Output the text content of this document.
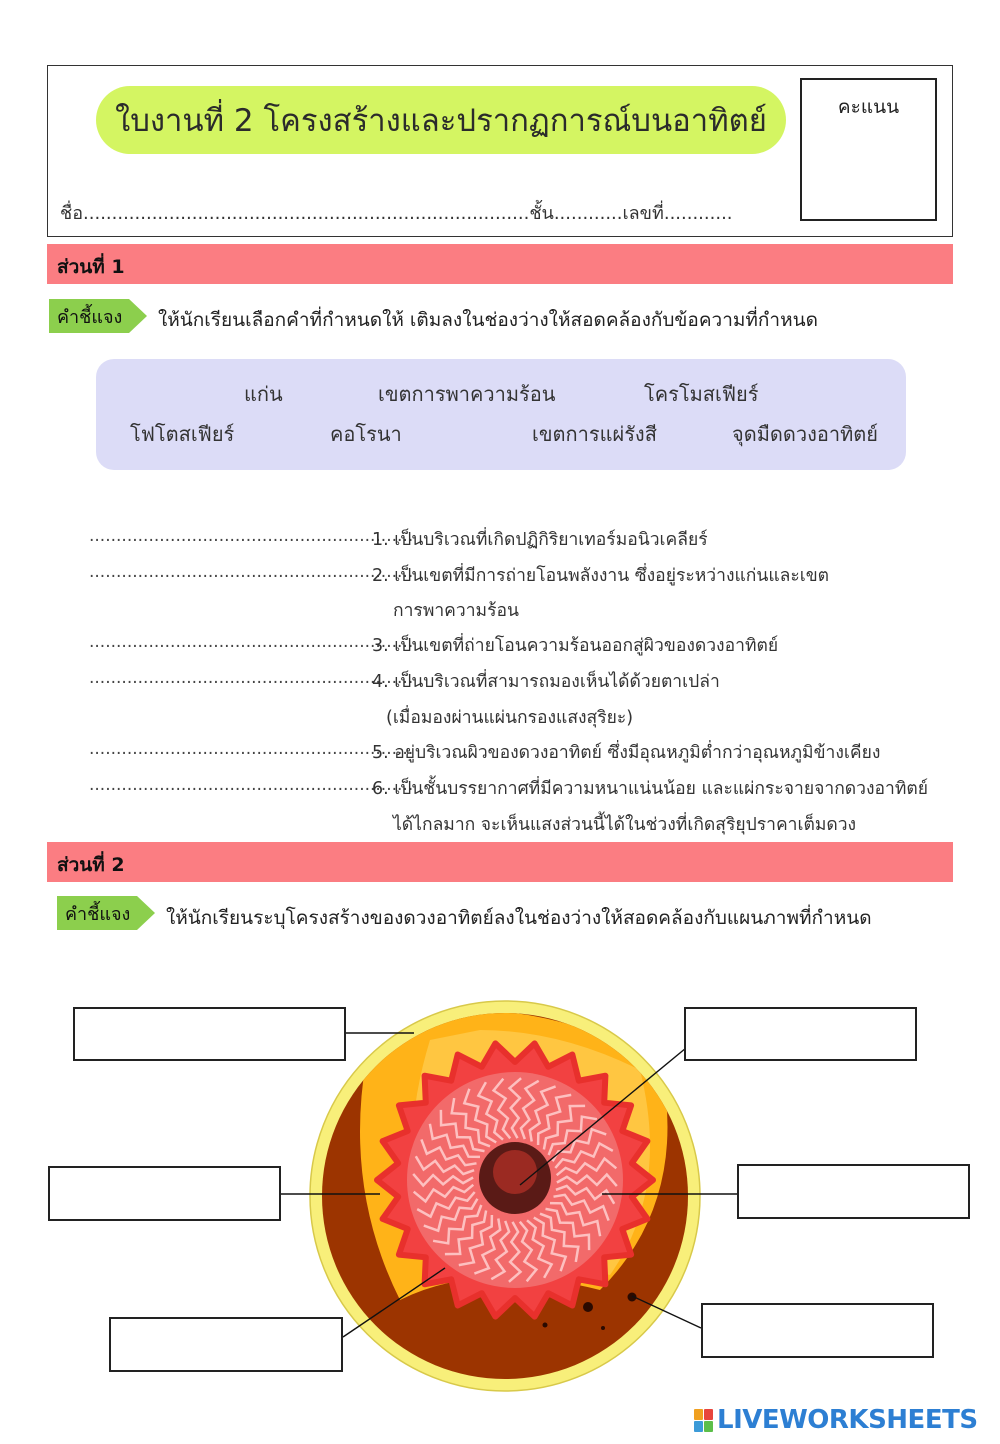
ใบงานที่ 2 โครงสร้างและปรากฏการณ์บนอาทิตย์	คะแนน
ชื่อ..............................................................................ชั้น............เลขที่............
ส่วนที่ 1
คำชี้แจง	ให้นักเรียนเลือกคำที่กำหนดให้ เติมลงในช่องว่างให้สอดคล้องกับข้อความที่กำหนด
แก่น	เขตการพาความร้อน	โครโมสเฟียร์
โฟโตสเฟียร์	คอโรนา	เขตการแผ่รังสี	จุดมืดดวงอาทิตย์
............................................................
1. เป็นบริเวณที่เกิดปฏิกิริยาเทอร์มอนิวเคลียร์
............................................................
2. เป็นเขตที่มีการถ่ายโอนพลังงาน ซึ่งอยู่ระหว่างแก่นและเขต
การพาความร้อน
............................................................
3. เป็นเขตที่ถ่ายโอนความร้อนออกสู่ผิวของดวงอาทิตย์
............................................................
4. เป็นบริเวณที่สามารถมองเห็นได้ด้วยตาเปล่า
(เมื่อมองผ่านแผ่นกรองแสงสุริยะ)
............................................................
5. อยู่บริเวณผิวของดวงอาทิตย์ ซึ่งมีอุณหภูมิต่ำกว่าอุณหภูมิข้างเคียง
............................................................
6. เป็นชั้นบรรยากาศที่มีความหนาแน่นน้อย และแผ่กระจายจากดวงอาทิตย์
ได้ไกลมาก จะเห็นแสงส่วนนี้ได้ในช่วงที่เกิดสุริยุปราคาเต็มดวง
ส่วนที่ 2
คำชี้แจง	ให้นักเรียนระบุโครงสร้างของดวงอาทิตย์ลงในช่องว่างให้สอดคล้องกับแผนภาพที่กำหนด
LIVEWORKSHEETS
